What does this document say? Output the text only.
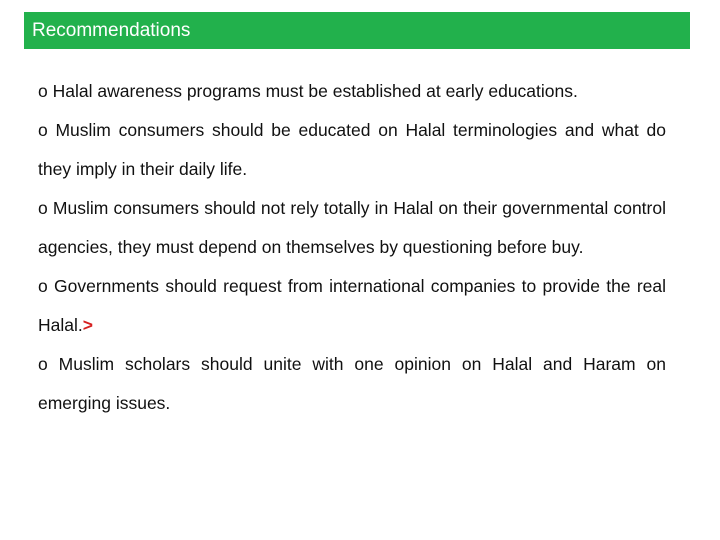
Recommendations

o Halal awareness programs must be established at early educations.

o Muslim consumers should be educated on Halal terminologies and what do they imply in their daily life.

o Muslim consumers should not rely totally in Halal on their governmental control agencies, they must depend on themselves by questioning before buy.

o Governments should request from international companies to provide the real Halal.>

o Muslim scholars should unite with one opinion on Halal and Haram on emerging issues.
